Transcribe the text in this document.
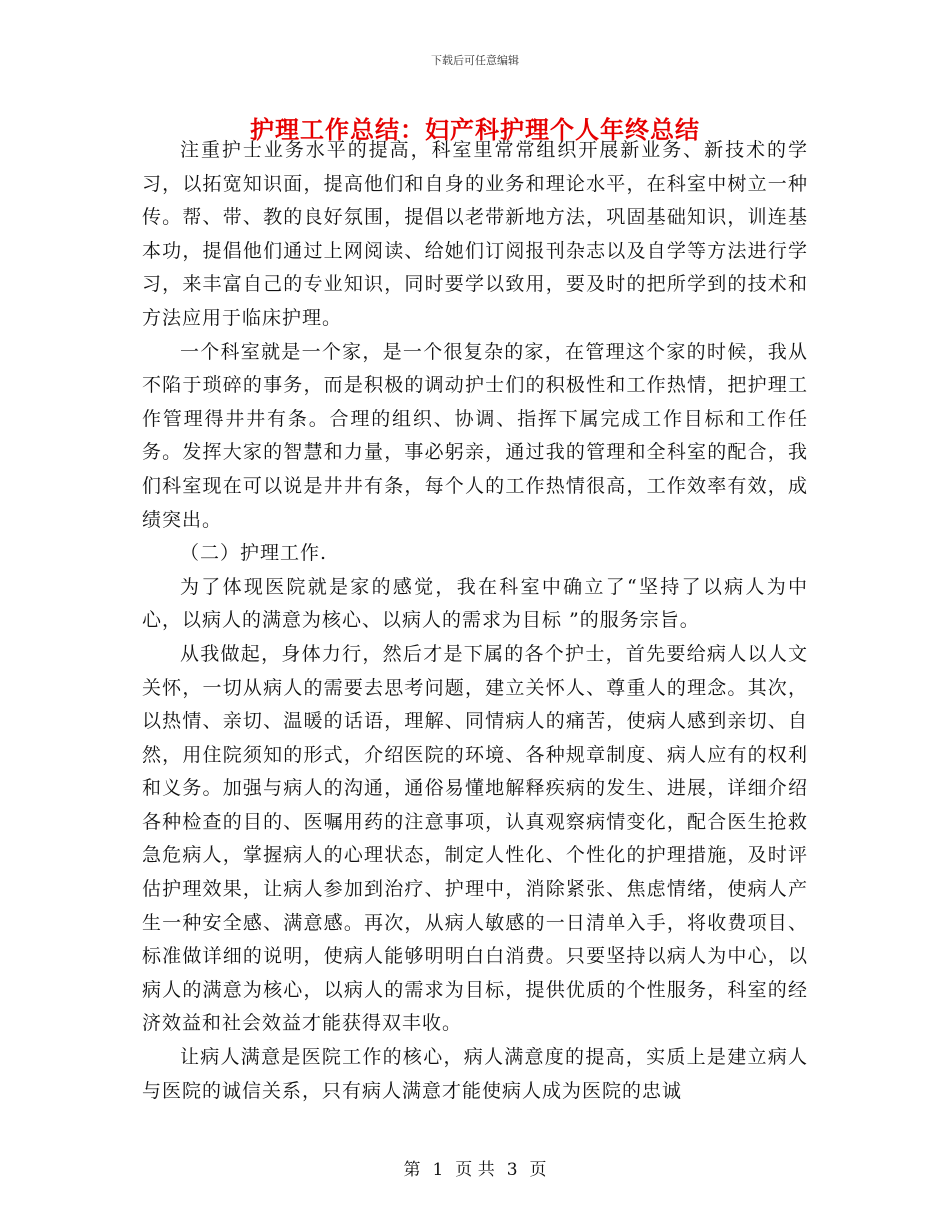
下载后可任意编辑
护理工作总结：妇产科护理个人年终总结

注重护士业务水平的提高，科室里常常组织开展新业务、新技术的学习，以拓宽知识面，提高他们和自身的业务和理论水平，在科室中树立一种传。帮、带、教的良好氛围，提倡以老带新地方法，巩固基础知识，训连基本功，提倡他们通过上网阅读、给她们订阅报刊杂志以及自学等方法进行学习，来丰富自己的专业知识，同时要学以致用，要及时的把所学到的技术和方法应用于临床护理。

一个科室就是一个家，是一个很复杂的家，在管理这个家的时候，我从不陷于琐碎的事务，而是积极的调动护士们的积极性和工作热情，把护理工作管理得井井有条。合理的组织、协调、指挥下属完成工作目标和工作任务。发挥大家的智慧和力量，事必躬亲，通过我的管理和全科室的配合，我们科室现在可以说是井井有条，每个人的工作热情很高，工作效率有效，成绩突出。

（二）护理工作.

为了体现医院就是家的感觉，我在科室中确立了“坚持了以病人为中心，以病人的满意为核心、以病人的需求为目标 ”的服务宗旨。

从我做起，身体力行，然后才是下属的各个护士，首先要给病人以人文关怀，一切从病人的需要去思考问题，建立关怀人、尊重人的理念。其次，以热情、亲切、温暖的话语，理解、同情病人的痛苦，使病人感到亲切、自然，用住院须知的形式，介绍医院的环境、各种规章制度、病人应有的权利和义务。加强与病人的沟通，通俗易懂地解释疾病的发生、进展，详细介绍各种检查的目的、医嘱用药的注意事项，认真观察病情变化，配合医生抢救急危病人，掌握病人的心理状态，制定人性化、个性化的护理措施，及时评估护理效果，让病人参加到治疗、护理中，消除紧张、焦虑情绪，使病人产生一种安全感、满意感。再次，从病人敏感的一日清单入手，将收费项目、标准做详细的说明，使病人能够明明白白消费。只要坚持以病人为中心，以病人的满意为核心，以病人的需求为目标，提供优质的个性服务，科室的经济效益和社会效益才能获得双丰收。

让病人满意是医院工作的核心，病人满意度的提高，实质上是建立病人与医院的诚信关系，只有病人满意才能使病人成为医院的忠诚

第 1 页 共 3 页
